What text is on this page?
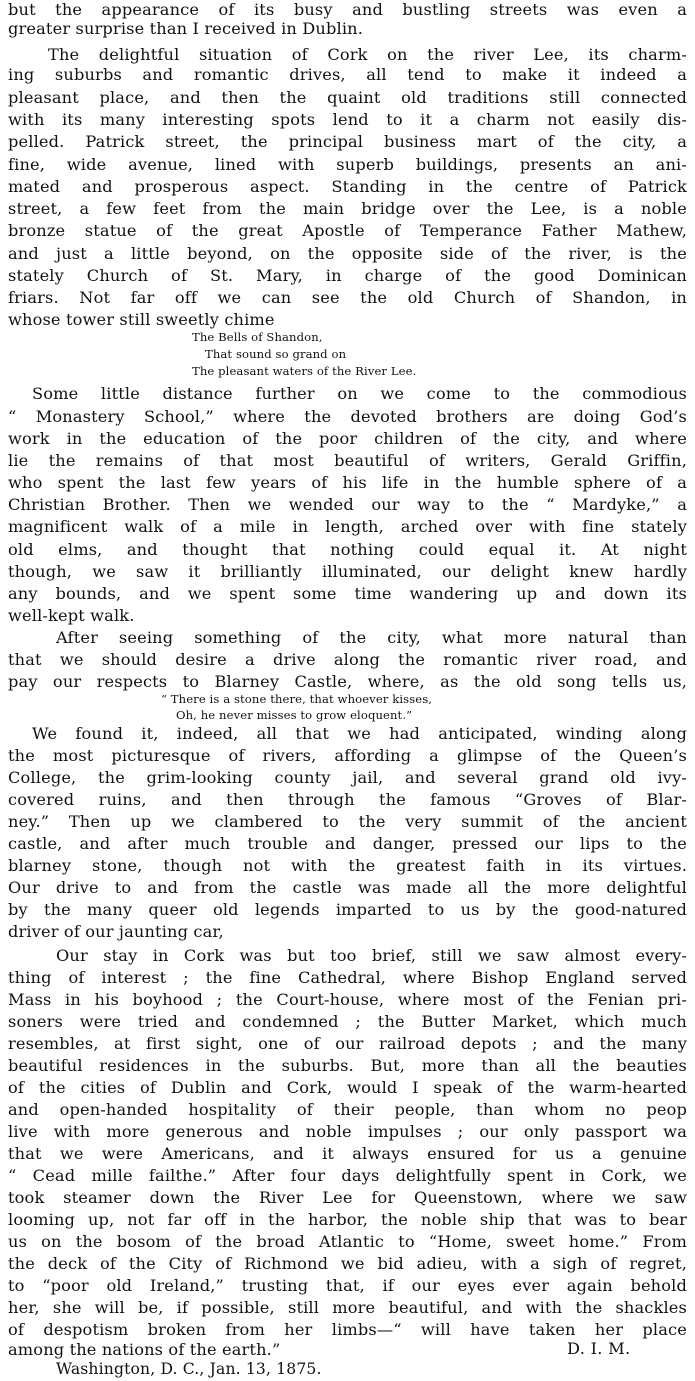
but the appearance of its busy and bustling streets was even a
greater surprise than I received in Dublin.
The delightful situation of Cork on the river Lee, its charm-
ing suburbs and romantic drives, all tend to make it indeed a
pleasant place, and then the quaint old traditions still connected
with its many interesting spots lend to it a charm not easily dis-
pelled. Patrick street, the principal business mart of the city, a
fine, wide avenue, lined with superb buildings, presents an ani-
mated and prosperous aspect. Standing in the centre of Patrick
street, a few feet from the main bridge over the Lee, is a noble
bronze statue of the great Apostle of Temperance Father Mathew,
and just a little beyond, on the opposite side of the river, is the
stately Church of St. Mary, in charge of the good Dominican
friars. Not far off we can see the old Church of Shandon, in
whose tower still sweetly chime
The Bells of Shandon,
That sound so grand on
The pleasant waters of the River Lee.
Some little distance further on we come to the commodious
“ Monastery School,” where the devoted brothers are doing God’s
work in the education of the poor children of the city, and where
lie the remains of that most beautiful of writers, Gerald Griffin,
who spent the last few years of his life in the humble sphere of a
Christian Brother. Then we wended our way to the “ Mardyke,” a
magnificent walk of a mile in length, arched over with fine stately
old elms, and thought that nothing could equal it. At night
though, we saw it brilliantly illuminated, our delight knew hardly
any bounds, and we spent some time wandering up and down its
well-kept walk.
After seeing something of the city, what more natural than
that we should desire a drive along the romantic river road, and
pay our respects to Blarney Castle, where, as the old song tells us,
“ There is a stone there, that whoever kisses,
Oh, he never misses to grow eloquent.”
We found it, indeed, all that we had anticipated, winding along
the most picturesque of rivers, affording a glimpse of the Queen’s
College, the grim-looking county jail, and several grand old ivy-
covered ruins, and then through the famous “Groves of Blar-
ney.” Then up we clambered to the very summit of the ancient
castle, and after much trouble and danger, pressed our lips to the
blarney stone, though not with the greatest faith in its virtues.
Our drive to and from the castle was made all the more delightful
by the many queer old legends imparted to us by the good-natured
driver of our jaunting car,
Our stay in Cork was but too brief, still we saw almost every-
thing of interest ; the fine Cathedral, where Bishop England served
Mass in his boyhood ; the Court-house, where most of the Fenian pri-
soners were tried and condemned ; the Butter Market, which much
resembles, at first sight, one of our railroad depots ; and the many
beautiful residences in the suburbs. But, more than all the beauties
of the cities of Dublin and Cork, would I speak of the warm-hearted
and open-handed hospitality of their people, than whom no peop
live with more generous and noble impulses ; our only passport wa
that we were Americans, and it always ensured for us a genuine
“ Cead mille failthe.” After four days delightfully spent in Cork, we
took steamer down the River Lee for Queenstown, where we saw
looming up, not far off in the harbor, the noble ship that was to bear
us on the bosom of the broad Atlantic to “Home, sweet home.” From
the deck of the City of Richmond we bid adieu, with a sigh of regret,
to “poor old Ireland,” trusting that, if our eyes ever again behold
her, she will be, if possible, still more beautiful, and with the shackles
of despotism broken from her limbs—“ will have taken her place
among the nations of the earth.”	D. I. M.
Washington, D. C., Jan. 13, 1875.
